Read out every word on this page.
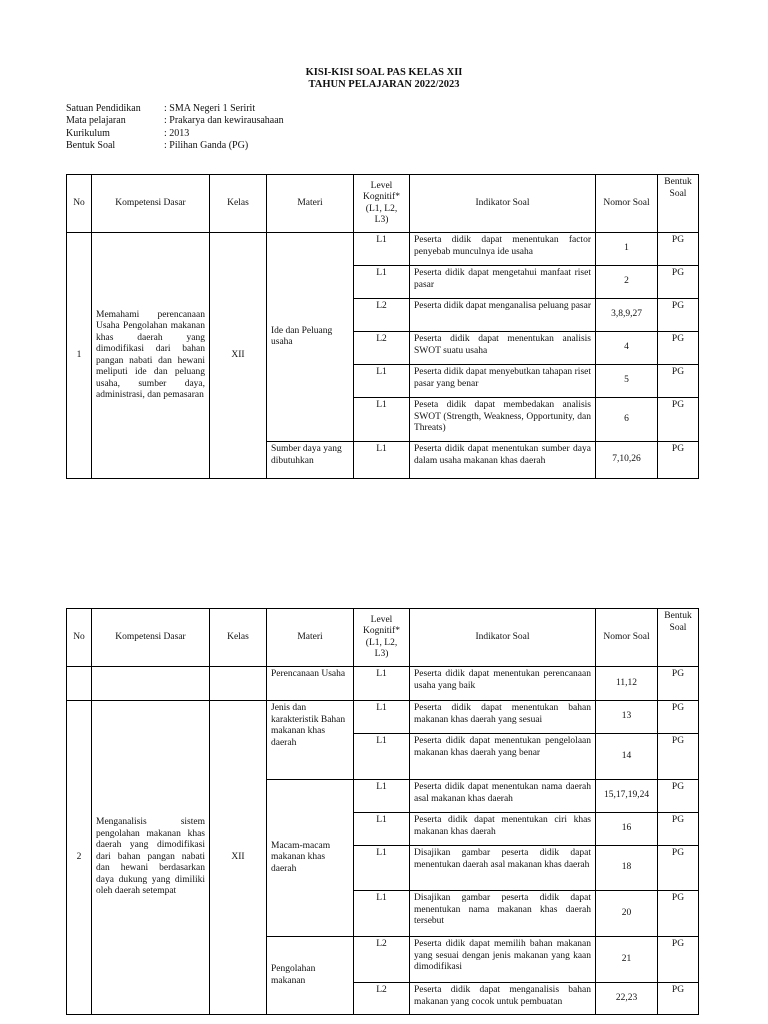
KISI-KISI SOAL PAS KELAS XII
TAHUN PELAJARAN 2022/2023
Satuan Pendidikan	: SMA Negeri 1 Seririt
Mata pelajaran	: Prakarya dan kewirausahaan
Kurikulum	: 2013
Bentuk Soal	: Pilihan Ganda (PG)
No	Kompetensi Dasar	Kelas	Materi	Level Kognitif* (L1, L2, L3)	Indikator Soal	Nomor Soal	Bentuk Soal
1	Memahami perencanaan Usaha Pengolahan makanan khas daerah yang dimodifikasi dari bahan pangan nabati dan hewani meliputi ide dan peluang usaha, sumber daya, administrasi, dan pemasaran	XII	Ide dan Peluang usaha	L1	Peserta didik dapat menentukan factor penyebab munculnya ide usaha	1	PG
				L1	Peserta didik dapat mengetahui manfaat riset pasar	2	PG
				L2	Peserta didik dapat menganalisa peluang pasar	3,8,9,27	PG
				L2	Peserta didik dapat menentukan analisis SWOT suatu usaha	4	PG
				L1	Peserta didik dapat menyebutkan tahapan riset pasar yang benar	5	PG
				L1	Peseta didik dapat membedakan analisis SWOT (Strength, Weakness, Opportunity, dan Threats)	6	PG
			Sumber daya yang dibutuhkan	L1	Peserta didik dapat menentukan sumber daya dalam usaha makanan khas daerah	7,10,26	PG
No	Kompetensi Dasar	Kelas	Materi	Level Kognitif* (L1, L2, L3)	Indikator Soal	Nomor Soal	Bentuk Soal
			Perencanaan Usaha	L1	Peserta didik dapat menentukan perencanaan usaha yang baik	11,12	PG
2	Menganalisis sistem pengolahan makanan khas daerah yang dimodifikasi dari bahan pangan nabati dan hewani berdasarkan daya dukung yang dimiliki oleh daerah setempat	XII	Jenis dan karakteristik Bahan makanan khas daerah	L1	Peserta didik dapat menentukan bahan makanan khas daerah yang sesuai	13	PG
				L1	Peserta didik dapat menentukan pengelolaan makanan khas daerah yang benar	14	PG
			Macam-macam makanan khas daerah	L1	Peserta didik dapat menentukan nama daerah asal makanan khas daerah	15,17,19,24	PG
				L1	Peserta didik dapat menentukan ciri khas makanan khas daerah	16	PG
				L1	Disajikan gambar peserta didik dapat menentukan daerah asal makanan khas daerah	18	PG
				L1	Disajikan gambar peserta didik dapat menentukan nama makanan khas daerah tersebut	20	PG
			Pengolahan makanan	L2	Peserta didik dapat memilih bahan makanan yang sesuai dengan jenis makanan yang kaan dimodifikasi	21	PG
				L2	Peserta didik dapat menganalisis bahan makanan yang cocok untuk pembuatan	22,23	PG
